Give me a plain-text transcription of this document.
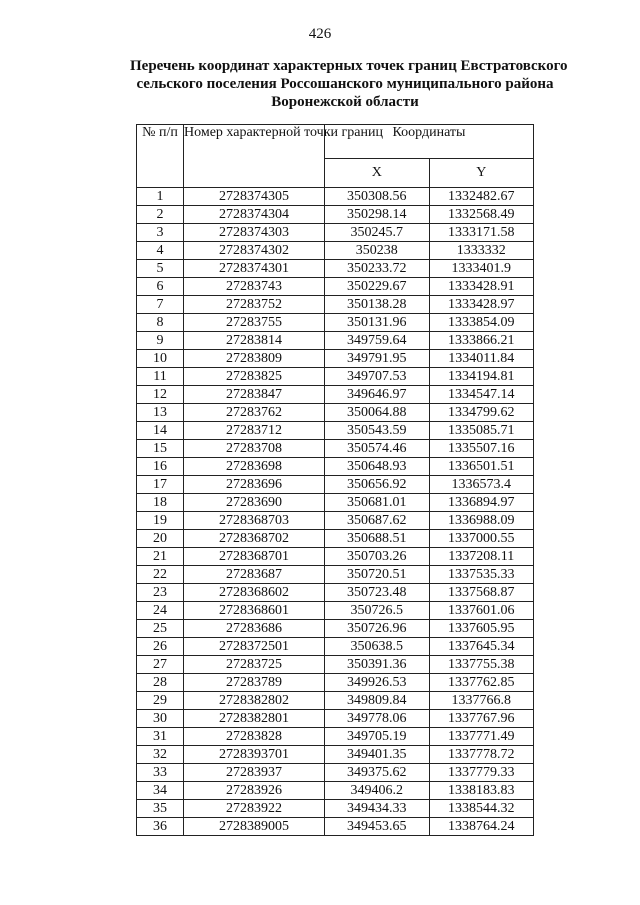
426
Перечень координат характерных точек границ Евстратовского
сельского поселения Россошанского муниципального района
Воронежской области
№ п/п	Номер характерной точки границ	Координаты	
		X	Y
1	2728374305	350308.56	1332482.67
2	2728374304	350298.14	1332568.49
3	2728374303	350245.7	1333171.58
4	2728374302	350238	1333332
5	2728374301	350233.72	1333401.9
6	27283743	350229.67	1333428.91
7	27283752	350138.28	1333428.97
8	27283755	350131.96	1333854.09
9	27283814	349759.64	1333866.21
10	27283809	349791.95	1334011.84
11	27283825	349707.53	1334194.81
12	27283847	349646.97	1334547.14
13	27283762	350064.88	1334799.62
14	27283712	350543.59	1335085.71
15	27283708	350574.46	1335507.16
16	27283698	350648.93	1336501.51
17	27283696	350656.92	1336573.4
18	27283690	350681.01	1336894.97
19	2728368703	350687.62	1336988.09
20	2728368702	350688.51	1337000.55
21	2728368701	350703.26	1337208.11
22	27283687	350720.51	1337535.33
23	2728368602	350723.48	1337568.87
24	2728368601	350726.5	1337601.06
25	27283686	350726.96	1337605.95
26	2728372501	350638.5	1337645.34
27	27283725	350391.36	1337755.38
28	27283789	349926.53	1337762.85
29	2728382802	349809.84	1337766.8
30	2728382801	349778.06	1337767.96
31	27283828	349705.19	1337771.49
32	2728393701	349401.35	1337778.72
33	27283937	349375.62	1337779.33
34	27283926	349406.2	1338183.83
35	27283922	349434.33	1338544.32
36	2728389005	349453.65	1338764.24
